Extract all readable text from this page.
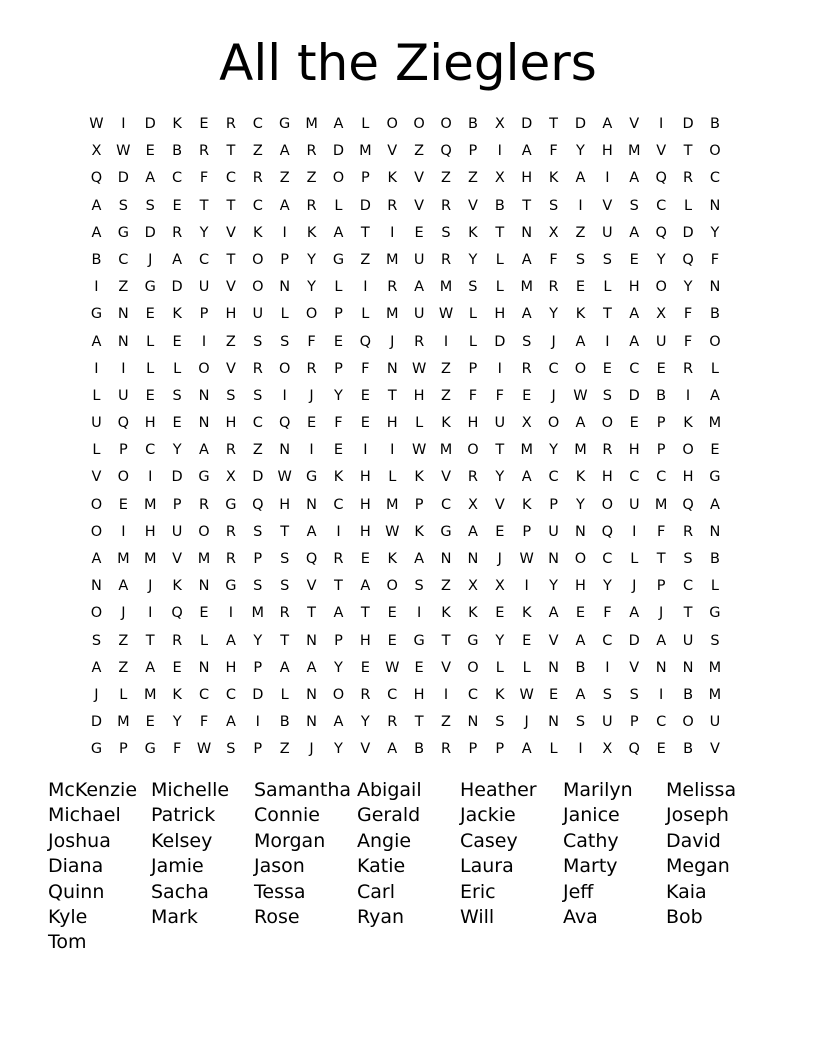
All the Zieglers
W	I	D	K	E	R	C	G	M	A	L	O	O	O	B	X	D	T	D	A	V	I	D	B
X	W	E	B	R	T	Z	A	R	D	M	V	Z	Q	P	I	A	F	Y	H	M	V	T	O
Q	D	A	C	F	C	R	Z	Z	O	P	K	V	Z	Z	X	H	K	A	I	A	Q	R	C
A	S	S	E	T	T	C	A	R	L	D	R	V	R	V	B	T	S	I	V	S	C	L	N
A	G	D	R	Y	V	K	I	K	A	T	I	E	S	K	T	N	X	Z	U	A	Q	D	Y
B	C	J	A	C	T	O	P	Y	G	Z	M	U	R	Y	L	A	F	S	S	E	Y	Q	F
I	Z	G	D	U	V	O	N	Y	L	I	R	A	M	S	L	M	R	E	L	H	O	Y	N
G	N	E	K	P	H	U	L	O	P	L	M	U W	L	H	A	Y	K	T	A	X	F	B
A	N	L	E	I	Z	S	S	F	E	Q	J	R	I	L	D	S	J	A	I	A	U	F	O
I	I	L	L	O	V	R	O	R	P	F	N W	Z	P	I	R	C	O	E	C	E	R	L
L	U	E	S	N	S	S	I	J	Y	E	T	H	Z	F	F	E	J	W	S	D	B	I	A
U	Q	H	E	N	H	C	Q	E	F	E	H	L	K	H	U	X	O	A	O	E	P	K	M
L	P	C	Y	A	R	Z	N	I	E	I	I	W M	O	T	M	Y	M	R	H	P	O	E
V	O	I	D	G	X	D W G	K	H	L	K	V	R	Y	A	C	K	H	C	C	H	G
O	E	M	P	R	G	Q	H	N	C	H	M	P	C	X	V	K	P	Y	O	U	M	Q	A
O	I	H	U	O	R	S	T	A	I	H W	K	G	A	E	P	U	N	Q	I	F	R	N
A	M M	V	M	R	P	S	Q	R	E	K	A	N	N	J	W N	O	C	L	T	S	B
N	A	J	K	N	G	S	S	V	T	A	O	S	Z	X	X	I	Y	H	Y	J	P	C	L
O	J	I	Q	E	I	M	R	T	A	T	E	I	K	K	E	K	A	E	F	A	J	T	G
S	Z	T	R	L	A	Y	T	N	P	H	E	G	T	G	Y	E	V	A	C	D	A	U	S
A	Z	A	E	N	H	P	A	A	Y	E	W	E	V	O	L	L	N	B	I	V	N	N	M
J	L	M	K	C	C	D	L	N	O	R	C	H	I	C	K	W	E	A	S	S	I	B	M
D	M	E	Y	F	A	I	B	N	A	Y	R	T	Z	N	S	J	N	S	U	P	C	O	U
G	P	G	F	W	S	P	Z	J	Y	V	A	B	R	P	P	A	L	I	X	Q	E	B	V
McKenzie Michelle	Samantha Abigail	Heather	Marilyn	Melissa
Michael	Patrick	Connie	Gerald	Jackie	Janice	Joseph
Joshua	Kelsey	Morgan	Angie	Casey	Cathy	David
Diana	Jamie	Jason	Katie	Laura	Marty	Megan
Quinn	Sacha	Tessa	Carl	Eric	Jeff	Kaia
Kyle	Mark	Rose	Ryan	Will	Ava	Bob
Tom
